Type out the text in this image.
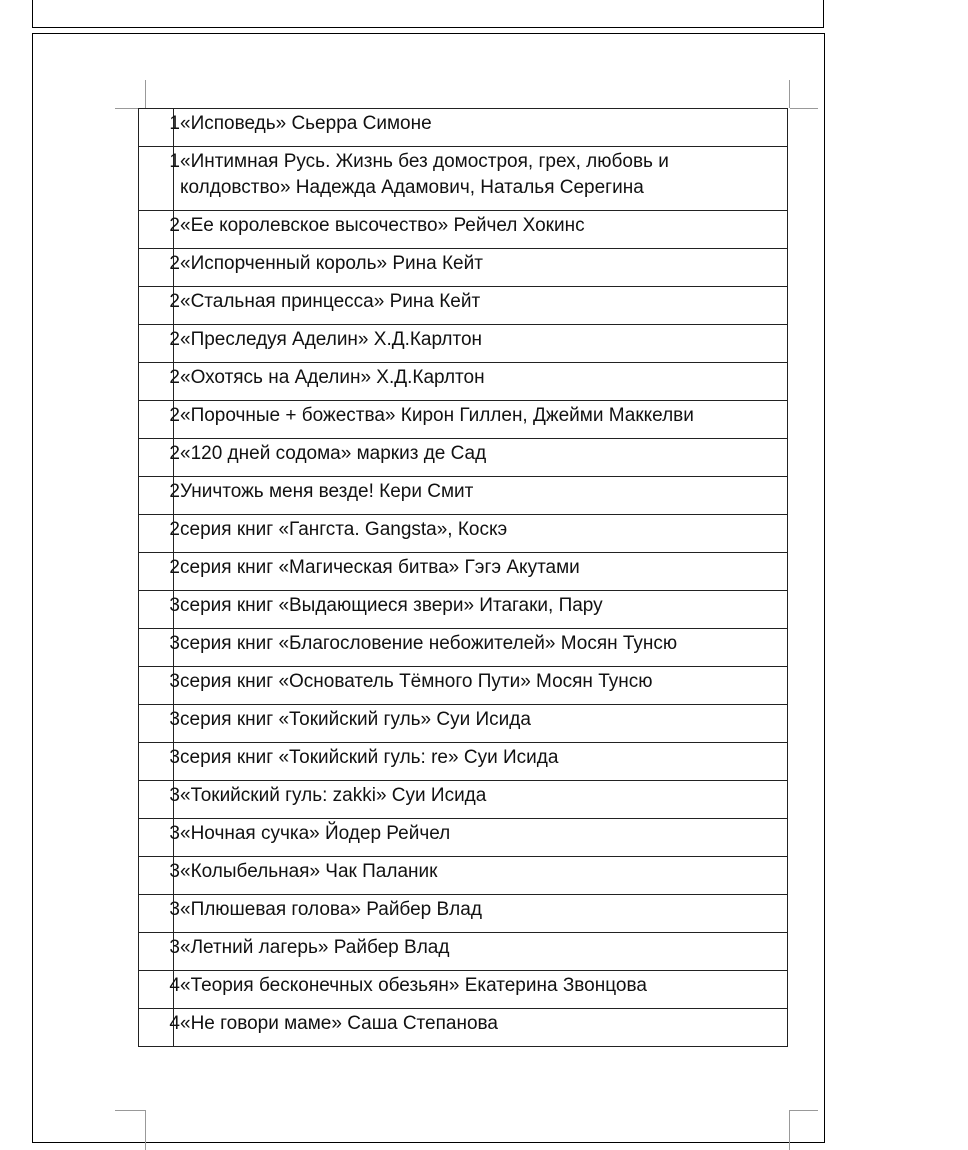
1	«Исповедь» Сьерра Симоне

1	«Интимная Русь. Жизнь без домостроя, грех, любовь и колдовство» Надежда Адамович, Наталья Серегина

2	«Ее королевское высочество» Рейчел Хокинс

2	«Испорченный король» Рина Кейт

2	«Стальная принцесса» Рина Кейт

2	«Преследуя Аделин» Х.Д.Карлтон

2	«Охотясь на Аделин» Х.Д.Карлтон

2	«Порочные + божества» Кирон Гиллен, Джейми Маккелви

2	«120 дней содома» маркиз де Сад

2	Уничтожь меня везде! Кери Смит

2	серия книг «Гангста. Gangsta», Коскэ

2	серия книг «Магическая битва» Гэгэ Акутами

3	серия книг «Выдающиеся звери» Итагаки, Пару

3	серия книг «Благословение небожителей» Мосян Тунсю

3	серия книг «Основатель Тёмного Пути» Мосян Тунсю

3	серия книг «Токийский гуль» Суи Исида

3	серия книг «Токийский гуль: re» Суи Исида

3	«Токийский гуль: zakki» Суи Исида

3	«Ночная сучка» Йодер Рейчел

3	«Колыбельная» Чак Паланик

3	«Плюшевая голова» Райбер Влад

3	«Летний лагерь» Райбер Влад

4	«Теория бесконечных обезьян» Екатерина Звонцова

4	«Не говори маме» Саша Степанова
